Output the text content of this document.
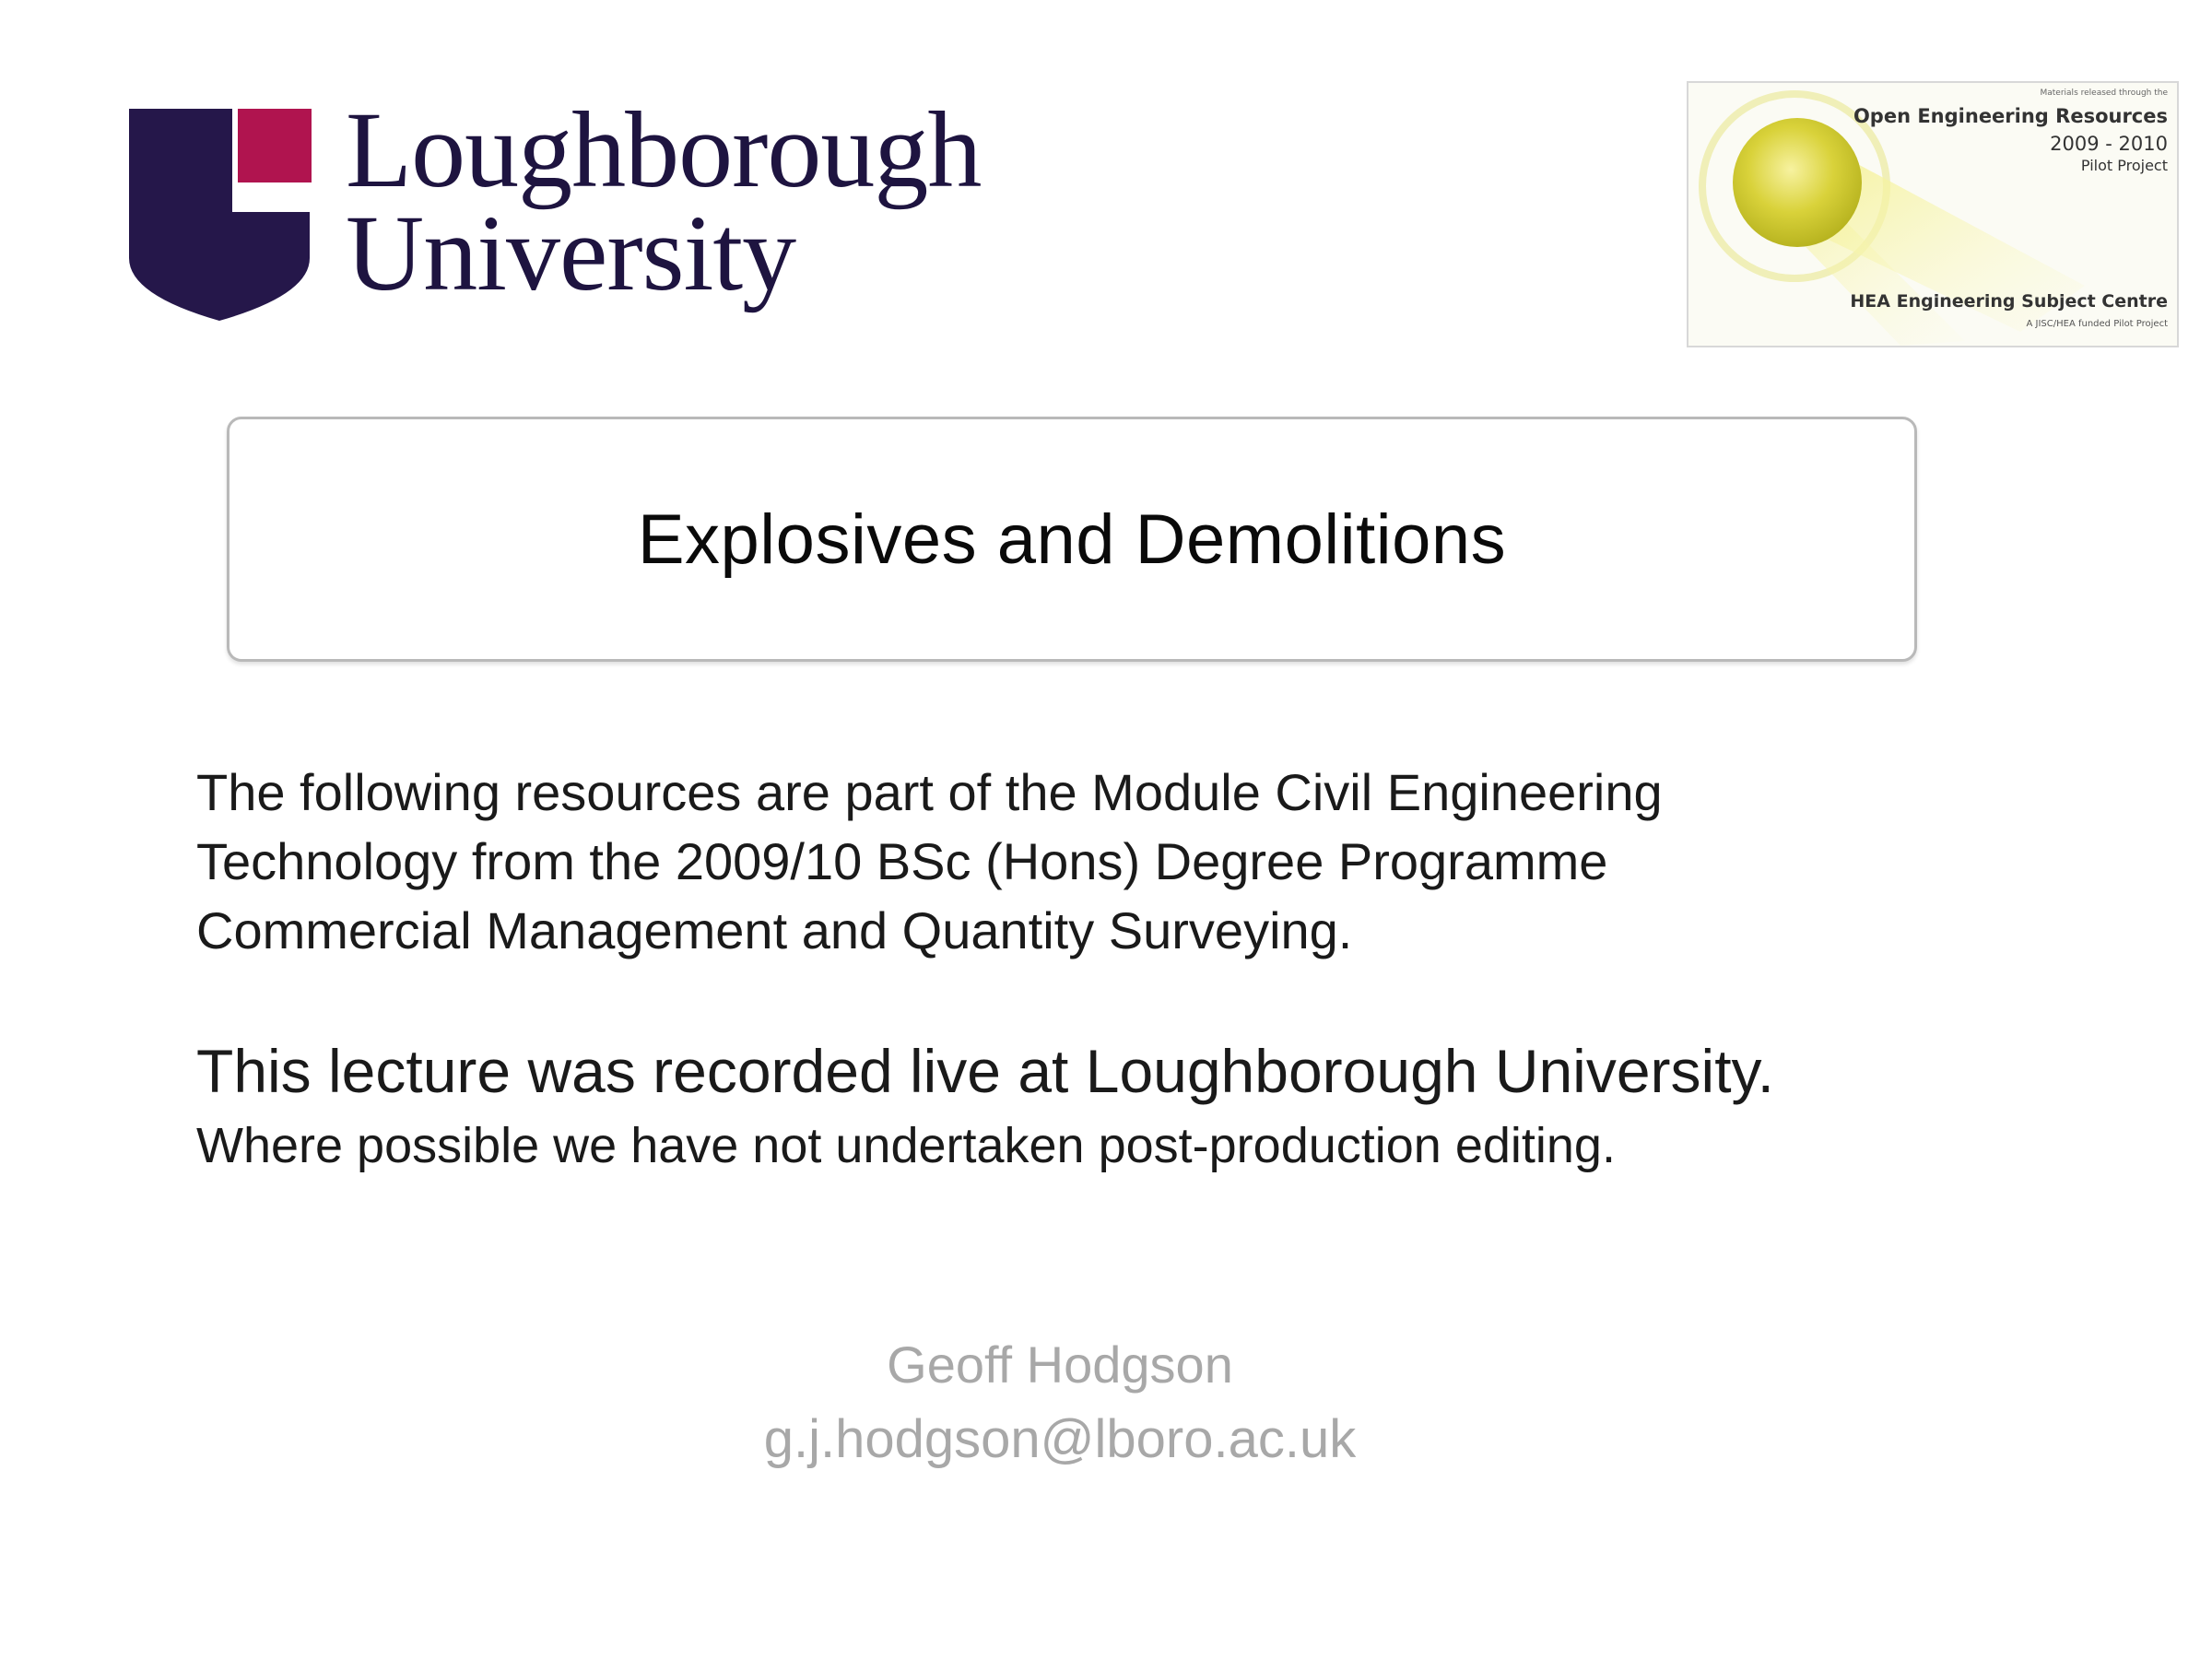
Loughborough
University
Materials released through the
Open Engineering Resources
2009 - 2010
Pilot Project
HEA Engineering Subject Centre
A JISC/HEA funded Pilot Project
Explosives and Demolitions

The following resources are part of the Module Civil Engineering
Technology from the 2009/10 BSc (Hons) Degree Programme
Commercial Management and Quantity Surveying.

This lecture was recorded live at Loughborough University.

Where possible we have not undertaken post-production editing.

Geoff Hodgson
g.j.hodgson@lboro.ac.uk
